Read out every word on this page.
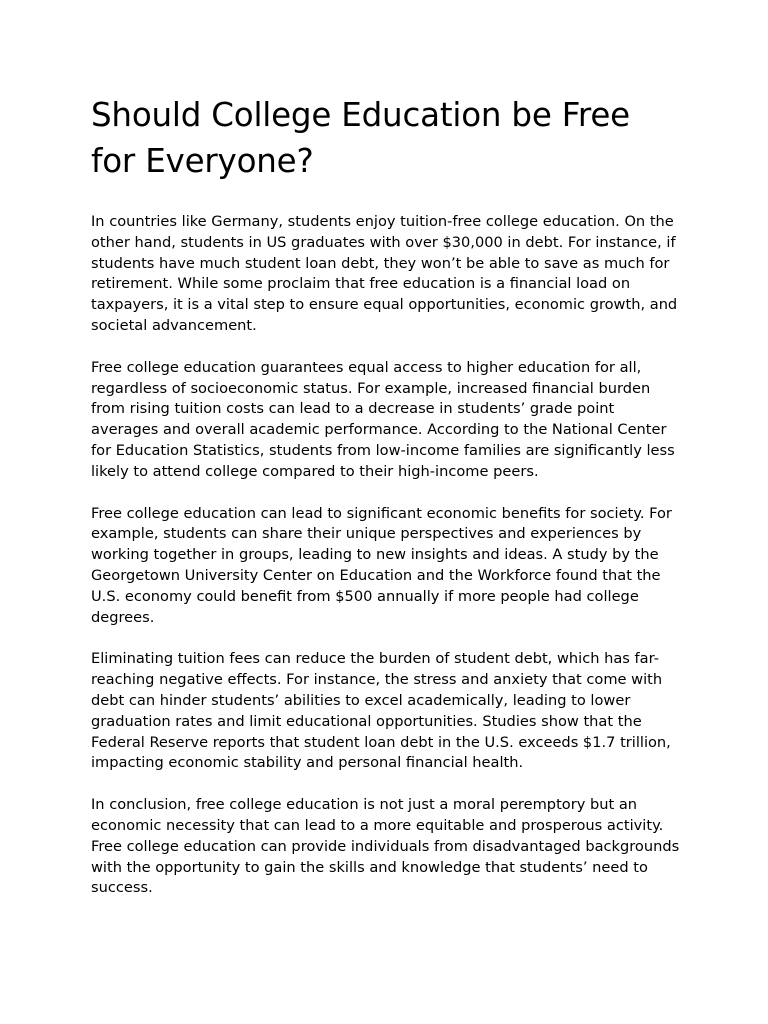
Should College Education be Free for Everyone?

In countries like Germany, students enjoy tuition-free college education. On the other hand, students in US graduates with over $30,000 in debt. For instance, if students have much student loan debt, they won’t be able to save as much for retirement. While some proclaim that free education is a financial load on taxpayers, it is a vital step to ensure equal opportunities, economic growth, and societal advancement.

Free college education guarantees equal access to higher education for all, regardless of socioeconomic status. For example, increased financial burden from rising tuition costs can lead to a decrease in students’ grade point averages and overall academic performance. According to the National Center for Education Statistics, students from low-income families are significantly less likely to attend college compared to their high-income peers.

Free college education can lead to significant economic benefits for society. For example, students can share their unique perspectives and experiences by working together in groups, leading to new insights and ideas. A study by the Georgetown University Center on Education and the Workforce found that the U.S. economy could benefit from $500 annually if more people had college degrees.

Eliminating tuition fees can reduce the burden of student debt, which has far-reaching negative effects. For instance, the stress and anxiety that come with debt can hinder students’ abilities to excel academically, leading to lower graduation rates and limit educational opportunities. Studies show that the Federal Reserve reports that student loan debt in the U.S. exceeds $1.7 trillion, impacting economic stability and personal financial health.

In conclusion, free college education is not just a moral peremptory but an economic necessity that can lead to a more equitable and prosperous activity. Free college education can provide individuals from disadvantaged backgrounds with the opportunity to gain the skills and knowledge that students’ need to success.
